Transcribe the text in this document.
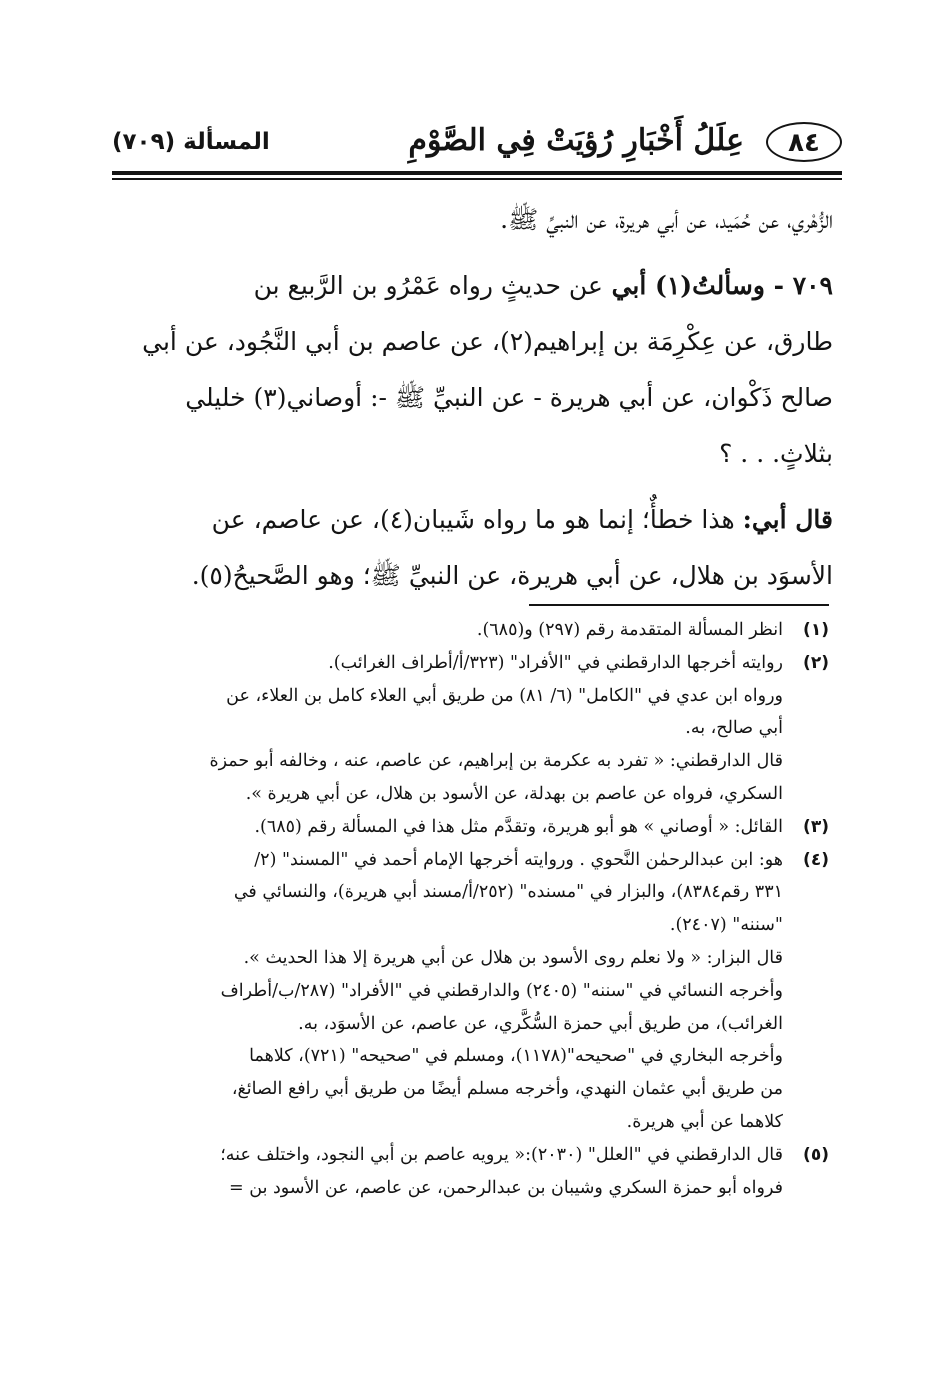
٨٤
عِلَلُ أَخْبَارِ رُؤيَتْ فِي الصَّوْمِ
المسألة (٧٠٩)
الزُّهْري، عن حُمَيد، عن أبي هريرة، عن النبيِّ ﷺ.
٧٠٩ - وسألتُ(١) أبي عن حديثٍ رواه عَمْرُو بن الرَّبيع بن
طارق، عن عِكْرِمَة بن إبراهيم(٢)، عن عاصم بن أبي النَّجُود، عن أبي
صالح ذَكْوان، عن أبي هريرة - عن النبيِّ ﷺ -: أوصاني(٣) خليلي
بثلاثٍ. . . ؟
قال أبي: هذا خطأٌ؛ إنما هو ما رواه شَيبان(٤)، عن عاصم، عن
الأسوَد بن هلال، عن أبي هريرة، عن النبيِّ ﷺ؛ وهو الصَّحيحُ(٥).
(١)
انظر المسألة المتقدمة رقم (٢٩٧) و(٦٨٥).
(٢)
روايته أخرجها الدارقطني في "الأفراد" (٣٢٣/أ/أطراف الغرائب).
ورواه ابن عدي في "الكامل" (٦/ ٨١) من طريق أبي العلاء كامل بن العلاء، عن
أبي صالح، به.
قال الدارقطني: « تفرد به عكرمة بن إبراهيم، عن عاصم، عنه ، وخالفه أبو حمزة
السكري، فرواه عن عاصم بن بهدلة، عن الأسود بن هلال، عن أبي هريرة ».
(٣)
القائل: « أوصاني » هو أبو هريرة، وتقدَّم مثل هذا في المسألة رقم (٦٨٥).
(٤)
هو: ابن عبدالرحمٰن النَّحوي . وروايته أخرجها الإمام أحمد في "المسند" (٢/
٣٣١ رقم٨٣٨٤)، والبزار في "مسنده" (٢٥٢/أ/مسند أبي هريرة)، والنسائي في
"سننه" (٢٤٠٧).
قال البزار: « ولا نعلم روى الأسود بن هلال عن أبي هريرة إلا هذا الحديث ».
وأخرجه النسائي في "سننه" (٢٤٠٥) والدارقطني في "الأفراد" (٢٨٧/ب/أطراف
الغرائب)، من طريق أبي حمزة السُّكَّري، عن عاصم، عن الأسوَد، به.
وأخرجه البخاري في "صحيحه"(١١٧٨)، ومسلم في "صحيحه" (٧٢١)، كلاهما
من طريق أبي عثمان النهدي، وأخرجه مسلم أيضًا من طريق أبي رافع الصائغ،
كلاهما عن أبي هريرة.
(٥)
قال الدارقطني في "العلل" (٢٠٣٠):« يرويه عاصم بن أبي النجود، واختلف عنه؛
فرواه أبو حمزة السكري وشيبان بن عبدالرحمن، عن عاصم، عن الأسود بن =
